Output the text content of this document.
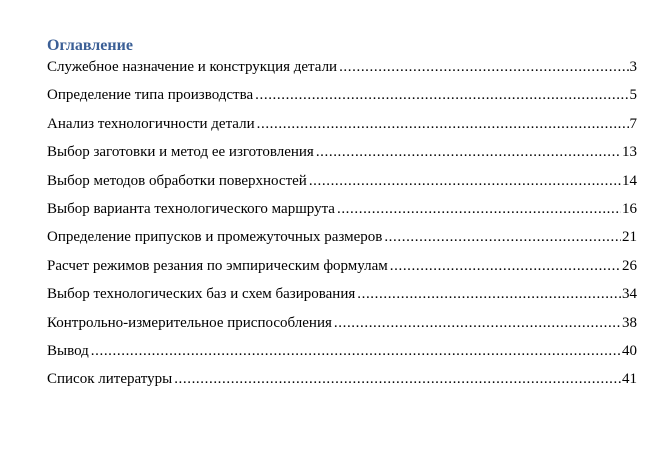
Оглавление
Служебное назначение и конструкция детали .....	3
Определение типа производства .....	5
Анализ технологичности детали .....	7
Выбор заготовки и метод ее изготовления .....	13
Выбор методов обработки поверхностей .....	14
Выбор варианта технологического маршрута .....	16
Определение припусков и промежуточных размеров .....	21
Расчет режимов резания по эмпирическим формулам .....	26
Выбор технологических баз и схем базирования .....	34
Контрольно-измерительное приспособления .....	38
Вывод .....	40
Список литературы .....	41
